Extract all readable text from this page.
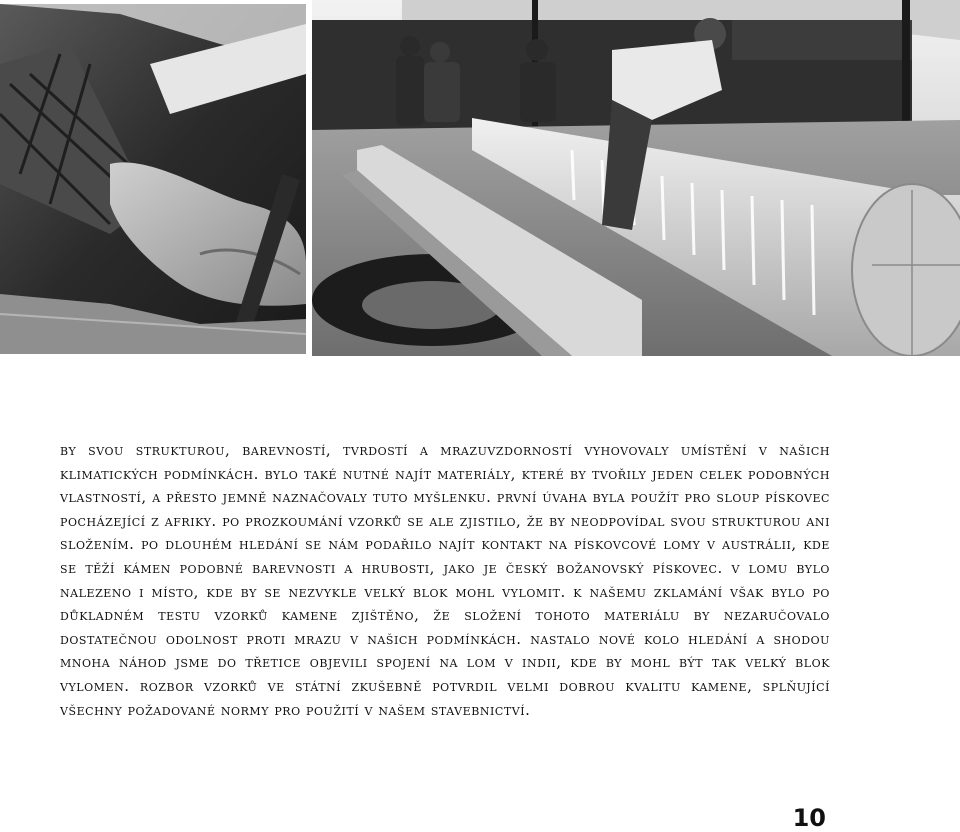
by svou strukturou, barevností, tvrdostí a mrazuvzdorností vyhovovaly umístění v našich klimatických podmínkách. bylo také nutné najít materiály, které by tvořily jeden celek podobných vlastností, a přesto jemně naznačovaly tuto myšlenku. první úvaha byla použít pro sloup pískovec pocházející z afriky. po prozkoumání vzorků se ale zjistilo, že by neodpovídal svou strukturou ani složením. po dlouhém hledání se nám podařilo najít kontakt na pískovcové lomy v austrálii, kde se těží kámen podobné barevnosti a hrubosti, jako je český božanovský pískovec. v lomu bylo nalezeno i místo, kde by se nezvykle velký blok mohl vylomit. k našemu zklamání však bylo po důkladném testu vzorků kamene zjištěno, že složení tohoto materiálu by nezaručovalo dostatečnou odolnost proti mrazu v našich podmínkách. nastalo nové kolo hledání a shodou mnoha náhod jsme do třetice objevili spojení na lom v indii, kde by mohl být tak velký blok vylomen. rozbor vzorků ve státní zkušebně potvrdil velmi dobrou kvalitu kamene, splňující všechny požadované normy pro použití v našem stavebnictví.

10
